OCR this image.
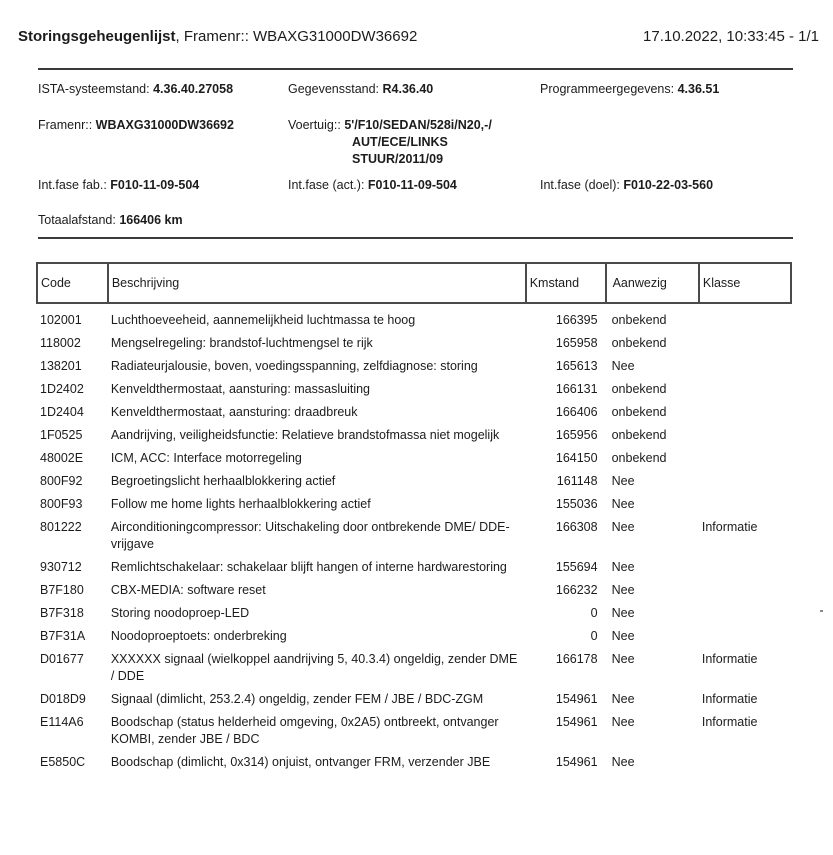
Storingsgeheugenlijst, Framenr:: WBAXG31000DW36692	17.10.2022, 10:33:45 - 1/1
ISTA-systeemstand: 4.36.40.27058	Gegevensstand: R4.36.40	Programmeergegevens: 4.36.51
Framenr:: WBAXG31000DW36692	Voertuig:: 5'/F10/SEDAN/528i/N20,-/
AUT/ECE/LINKS
STUUR/2011/09
Int.fase fab.: F010-11-09-504	Int.fase (act.): F010-11-09-504	Int.fase (doel): F010-22-03-560
Totaalafstand: 166406 km
Code	Beschrijving	Kmstand	Aanwezig	Klasse
102001	Luchthoeveeheid, aannemelijkheid luchtmassa te hoog	166395	onbekend	
118002	Mengselregeling: brandstof-luchtmengsel te rijk	165958	onbekend	
138201	Radiateurjalousie, boven, voedingsspanning, zelfdiagnose: storing	165613	Nee	
1D2402	Kenveldthermostaat, aansturing: massasluiting	166131	onbekend	
1D2404	Kenveldthermostaat, aansturing: draadbreuk	166406	onbekend	
1F0525	Aandrijving, veiligheidsfunctie: Relatieve brandstofmassa niet mogelijk	165956	onbekend	
48002E	ICM, ACC: Interface motorregeling	164150	onbekend	
800F92	Begroetingslicht herhaalblokkering actief	161148	Nee	
800F93	Follow me home lights herhaalblokkering actief	155036	Nee	
801222	Airconditioningcompressor: Uitschakeling door ontbrekende DME/ DDE-vrijgave	166308	Nee	Informatie
930712	Remlichtschakelaar: schakelaar blijft hangen of interne hardwarestoring	155694	Nee	
B7F180	CBX-MEDIA: software reset	166232	Nee	
B7F318	Storing noodoproep-LED	0	Nee	
B7F31A	Noodoproeptoets: onderbreking	0	Nee	
D01677	XXXXXX signaal (wielkoppel aandrijving 5, 40.3.4) ongeldig, zender DME / DDE	166178	Nee	Informatie
D018D9	Signaal (dimlicht, 253.2.4) ongeldig, zender FEM / JBE / BDC-ZGM	154961	Nee	Informatie
E114A6	Boodschap (status helderheid omgeving, 0x2A5) ontbreekt, ontvanger KOMBI, zender JBE / BDC	154961	Nee	Informatie
E5850C	Boodschap (dimlicht, 0x314) onjuist, ontvanger FRM, verzender JBE	154961	Nee	
